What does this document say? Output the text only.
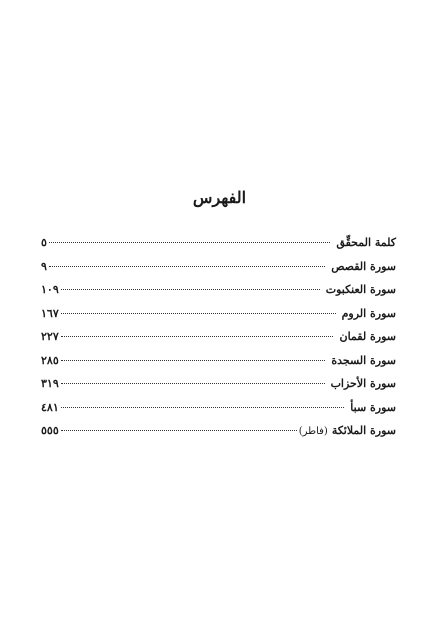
الفهرس
كلمة المحقِّق
٥
سورة القصص
٩
سورة العنكبوت
١٠٩
سورة الروم
١٦٧
سورة لقمان
٢٢٧
سورة السجدة
٢٨٥
سورة الأحزاب
٣١٩
سورة سبأ
٤٨١
سورة الملائكة
(فاطر)
٥٥٥
